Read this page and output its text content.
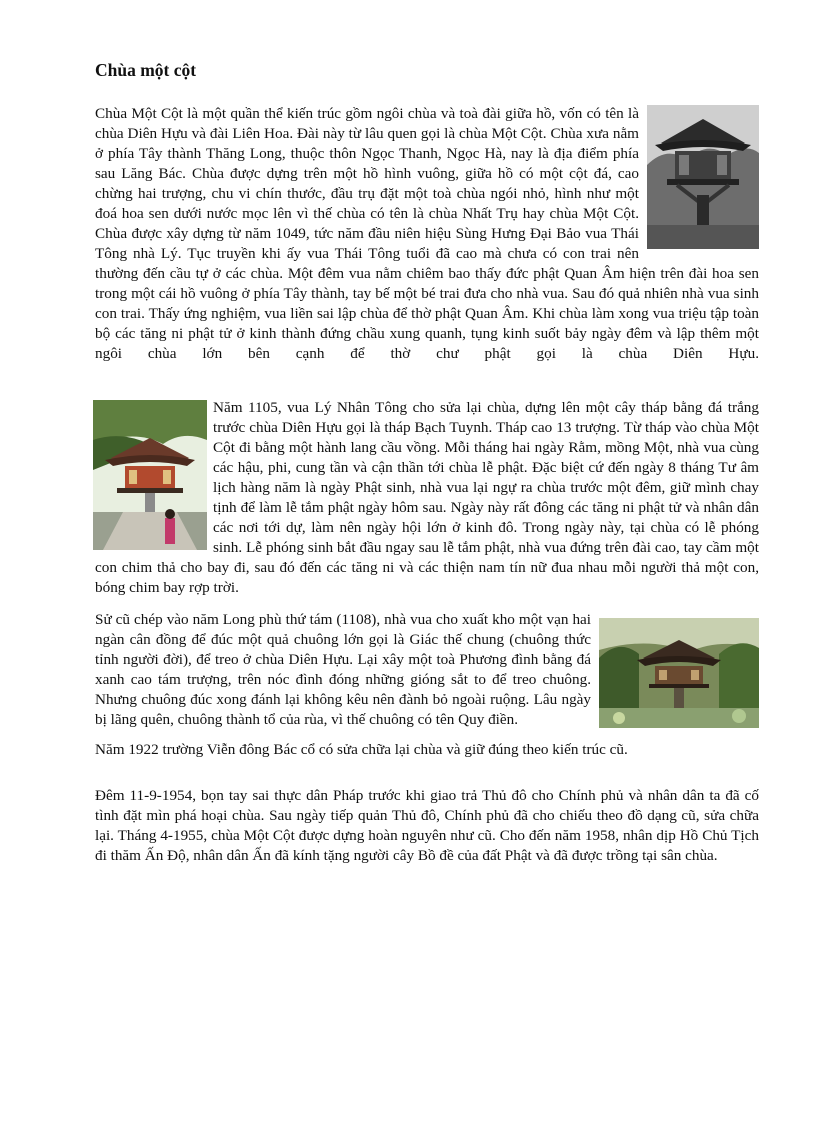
Chùa một cột

Chùa Một Cột là một quần thể kiến trúc gồm ngôi chùa và toà đài giữa hồ, vốn có tên là chùa Diên Hựu và đài Liên Hoa. Đài này từ lâu quen gọi là chùa Một Cột. Chùa xưa nằm ở phía Tây thành Thăng Long, thuộc thôn Ngọc Thanh, Ngọc Hà, nay là địa điểm phía sau Lăng Bác. Chùa được dựng trên một hồ hình vuông, giữa hồ có một cột đá, cao chừng hai trượng, chu vi chín thước, đầu trụ đặt một toà chùa ngói nhỏ, hình như một đoá hoa sen dưới nước mọc lên vì thế chùa có tên là chùa Nhất Trụ hay chùa Một Cột. Chùa được xây dựng từ năm 1049, tức năm đầu niên hiệu Sùng Hưng Đại Bảo vua Thái Tông nhà Lý. Tục truyền khi ấy vua Thái Tông tuổi đã cao mà chưa có con trai nên thường đến cầu tự ở các chùa. Một đêm vua nằm chiêm bao thấy đức phật Quan Âm hiện trên đài hoa sen trong một cái hồ vuông ở phía Tây thành, tay bế một bé trai đưa cho nhà vua. Sau đó quả nhiên nhà vua sinh con trai. Thấy ứng nghiệm, vua liền sai lập chùa để thờ phật Quan Âm. Khi chùa làm xong vua triệu tập toàn bộ các tăng ni phật tử ở kinh thành đứng chầu xung quanh, tụng kinh suốt bảy ngày đêm và lập thêm một ngôi chùa lớn bên cạnh để thờ chư phật gọi là chùa Diên Hựu.

Năm 1105, vua Lý Nhân Tông cho sửa lại chùa, dựng lên một cây tháp bằng đá trắng trước chùa Diên Hựu gọi là tháp Bạch Tuynh. Tháp cao 13 trượng. Từ tháp vào chùa Một Cột đi bằng một hành lang cầu vồng. Mỗi tháng hai ngày Rằm, mồng Một, nhà vua cùng các hậu, phi, cung tần và cận thần tới chùa lễ phật. Đặc biệt cứ đến ngày 8 tháng Tư âm lịch hàng năm là ngày Phật sinh, nhà vua lại ngự ra chùa trước một đêm, giữ mình chay tịnh để làm lễ tắm phật ngày hôm sau. Ngày này rất đông các tăng ni phật tử và nhân dân các nơi tới dự, làm nên ngày hội lớn ở kinh đô. Trong ngày này, tại chùa có lễ phóng sinh. Lễ phóng sinh bắt đầu ngay sau lễ tắm phật, nhà vua đứng trên đài cao, tay cầm một con chim thả cho bay đi, sau đó đến các tăng ni và các thiện nam tín nữ đua nhau mỗi người thả một con, bóng chim bay rợp trời.

Sử cũ chép vào năm Long phù thứ tám (1108), nhà vua cho xuất kho một vạn hai ngàn cân đồng để đúc một quả chuông lớn gọi là Giác thế chung (chuông thức tỉnh người đời), để treo ở chùa Diên Hựu. Lại xây một toà Phương đình bằng đá xanh cao tám trượng, trên nóc đình đóng những gióng sắt to để treo chuông. Nhưng chuông đúc xong đánh lại không kêu nên đành bỏ ngoài ruộng. Lâu ngày bị lãng quên, chuông thành tổ của rùa, vì thế chuông có tên Quy điền.

Năm 1922 trường Viễn đông Bác cổ có sửa chữa lại chùa và giữ đúng theo kiến trúc cũ.

Đêm 11-9-1954, bọn tay sai thực dân Pháp trước khi giao trả Thủ đô cho Chính phủ và nhân dân ta đã cố tình đặt mìn phá hoại chùa. Sau ngày tiếp quản Thủ đô, Chính phủ đã cho chiếu theo đồ dạng cũ, sửa chữa lại. Tháng 4-1955, chùa Một Cột được dựng hoàn nguyên như cũ. Cho đến năm 1958, nhân dịp Hồ Chủ Tịch đi thăm Ấn Độ, nhân dân Ấn đã kính tặng người cây Bồ đề của đất Phật và đã được trồng tại sân chùa.
